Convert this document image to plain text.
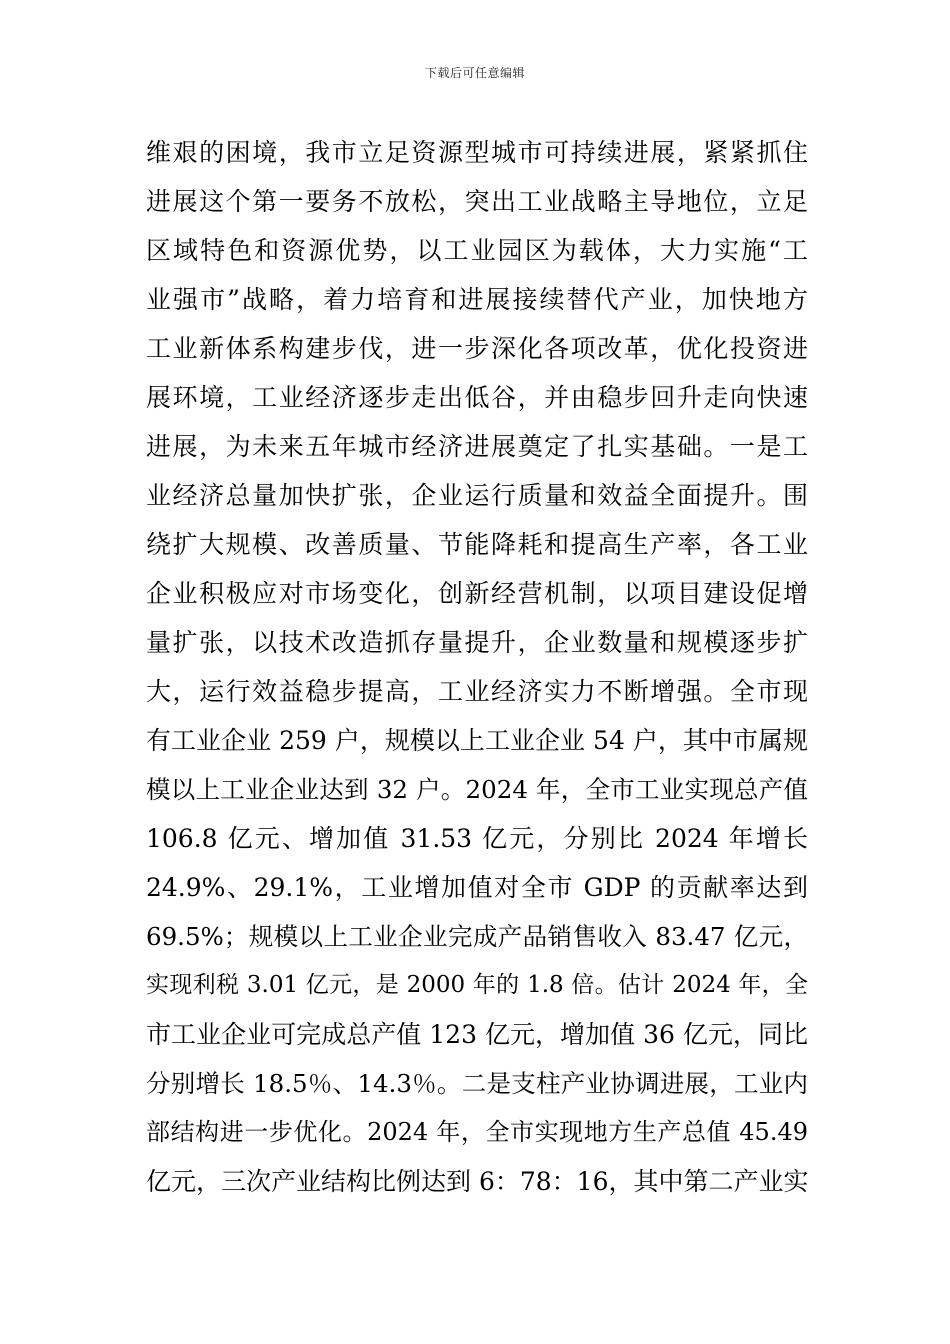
下载后可任意编辑
维艰的困境，我市立足资源型城市可持续进展，紧紧抓住
进展这个第一要务不放松，突出工业战略主导地位，立足
区域特色和资源优势，以工业园区为载体，大力实施“工
业强市”战略，着力培育和进展接续替代产业，加快地方
工业新体系构建步伐，进一步深化各项改革，优化投资进
展环境，工业经济逐步走出低谷，并由稳步回升走向快速
进展，为未来五年城市经济进展奠定了扎实基础。一是工
业经济总量加快扩张，企业运行质量和效益全面提升。围
绕扩大规模、改善质量、节能降耗和提高生产率，各工业
企业积极应对市场变化，创新经营机制，以项目建设促增
量扩张，以技术改造抓存量提升，企业数量和规模逐步扩
大，运行效益稳步提高，工业经济实力不断增强。全市现
有工业企业 259 户，规模以上工业企业 54 户，其中市属规
模以上工业企业达到 32 户。2024 年，全市工业实现总产值
106.8 亿元、增加值 31.53 亿元，分别比 2024 年增长
24.9%、29.1%，工业增加值对全市 GDP 的贡献率达到
69.5%；规模以上工业企业完成产品销售收入 83.47 亿元，
实现利税 3.01 亿元，是 2000 年的 1.8 倍。估计 2024 年，全
市工业企业可完成总产值 123 亿元，增加值 36 亿元，同比
分别增长 18.5％、14.3％。二是支柱产业协调进展，工业内
部结构进一步优化。2024 年，全市实现地方生产总值 45.49
亿元，三次产业结构比例达到 6：78：16，其中第二产业实
